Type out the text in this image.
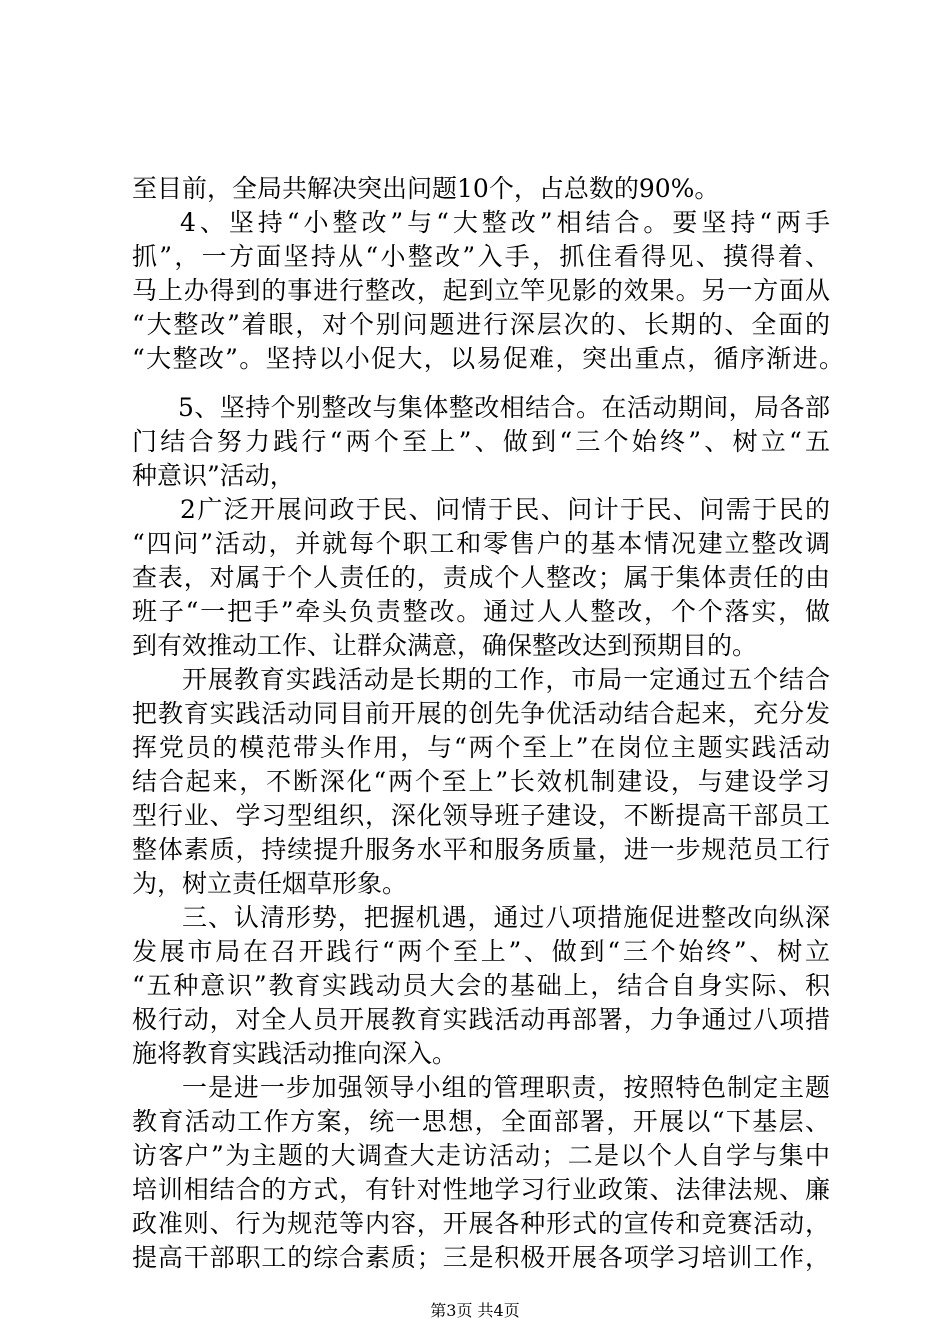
至目前，全局共解决突出问题10个，占总数的90%。

4、坚持“小整改”与“大整改”相结合。要坚持“两手

抓”，一方面坚持从“小整改”入手，抓住看得见、摸得着、

马上办得到的事进行整改，起到立竿见影的效果。另一方面从

“大整改”着眼，对个别问题进行深层次的、长期的、全面的

“大整改”。坚持以小促大，以易促难，突出重点，循序渐进。

5、坚持个别整改与集体整改相结合。在活动期间，局各部

门结合努力践行“两个至上”、做到“三个始终”、树立“五

种意识”活动，

2广泛开展问政于民、问情于民、问计于民、问需于民的

“四问”活动，并就每个职工和零售户的基本情况建立整改调

查表，对属于个人责任的，责成个人整改；属于集体责任的由

班子“一把手”牵头负责整改。通过人人整改，个个落实，做

到有效推动工作、让群众满意，确保整改达到预期目的。

开展教育实践活动是长期的工作，市局一定通过五个结合

把教育实践活动同目前开展的创先争优活动结合起来，充分发

挥党员的模范带头作用，与“两个至上”在岗位主题实践活动

结合起来，不断深化“两个至上”长效机制建设，与建设学习

型行业、学习型组织，深化领导班子建设，不断提高干部员工

整体素质，持续提升服务水平和服务质量，进一步规范员工行

为，树立责任烟草形象。

三、认清形势，把握机遇，通过八项措施促进整改向纵深

发展市局在召开践行“两个至上”、做到“三个始终”、树立

“五种意识”教育实践动员大会的基础上，结合自身实际、积

极行动，对全人员开展教育实践活动再部署，力争通过八项措

施将教育实践活动推向深入。

一是进一步加强领导小组的管理职责，按照特色制定主题

教育活动工作方案，统一思想，全面部署，开展以“下基层、

访客户”为主题的大调查大走访活动；二是以个人自学与集中

培训相结合的方式，有针对性地学习行业政策、法律法规、廉

政准则、行为规范等内容，开展各种形式的宣传和竞赛活动，

提高干部职工的综合素质；三是积极开展各项学习培训工作，

第3页 共4页
